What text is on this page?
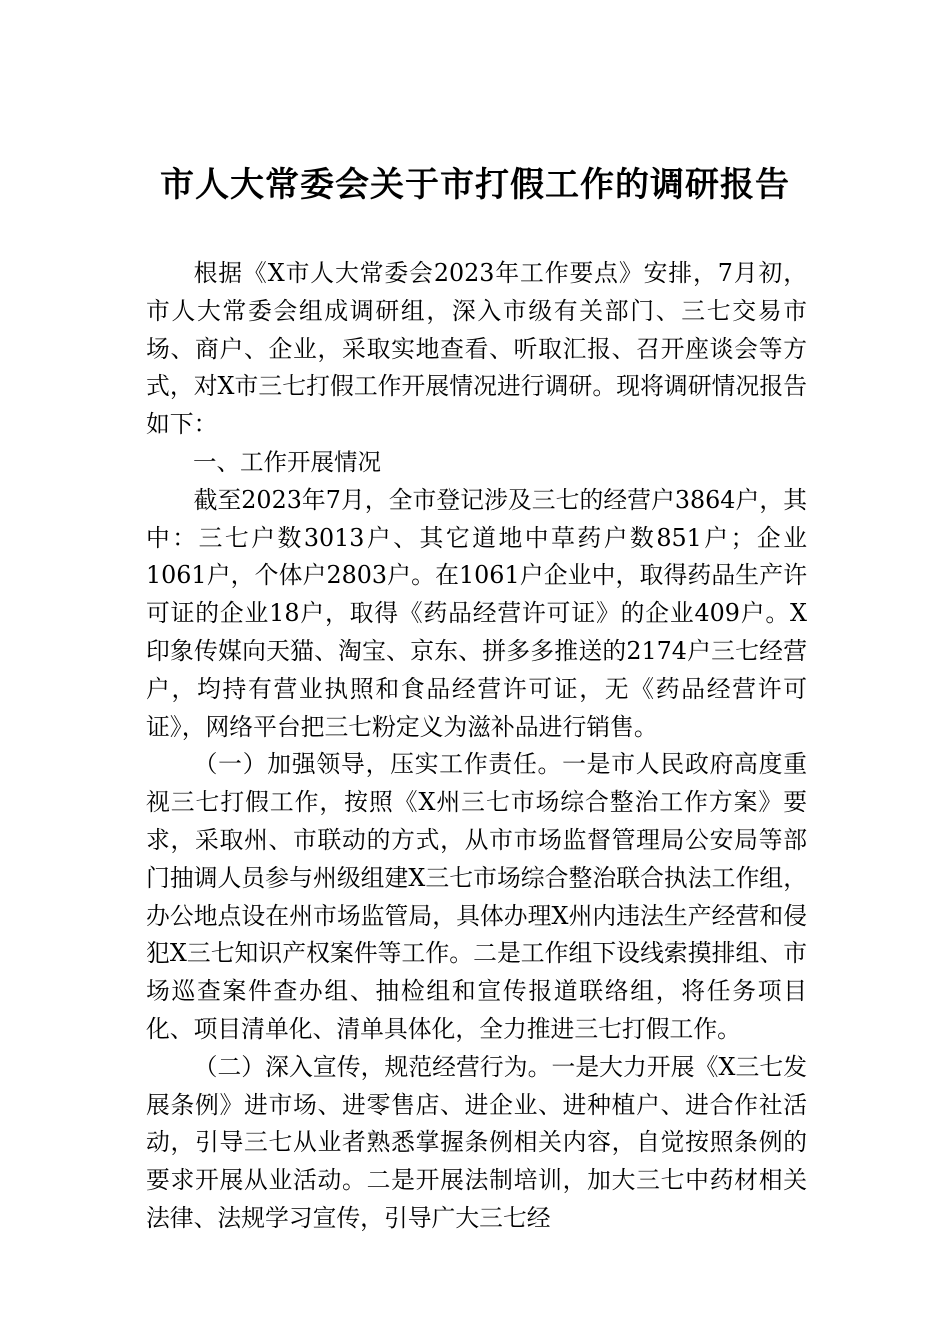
市人大常委会关于市打假工作的调研报告

根据《X市人大常委会2023年工作要点》安排，7月初，市人大常委会组成调研组，深入市级有关部门、三七交易市场、商户、企业，采取实地查看、听取汇报、召开座谈会等方式，对X市三七打假工作开展情况进行调研。现将调研情况报告如下：

一、工作开展情况

截至2023年7月，全市登记涉及三七的经营户3864户，其中：三七户数3013户、其它道地中草药户数851户；企业1061户，个体户2803户。在1061户企业中，取得药品生产许可证的企业18户，取得《药品经营许可证》的企业409户。X印象传媒向天猫、淘宝、京东、拼多多推送的2174户三七经营户，均持有营业执照和食品经营许可证，无《药品经营许可证》，网络平台把三七粉定义为滋补品进行销售。

（一）加强领导，压实工作责任。一是市人民政府高度重视三七打假工作，按照《X州三七市场综合整治工作方案》要求，采取州、市联动的方式，从市市场监督管理局公安局等部门抽调人员参与州级组建X三七市场综合整治联合执法工作组，办公地点设在州市场监管局，具体办理X州内违法生产经营和侵犯X三七知识产权案件等工作。二是工作组下设线索摸排组、市场巡查案件查办组、抽检组和宣传报道联络组，将任务项目化、项目清单化、清单具体化，全力推进三七打假工作。

（二）深入宣传，规范经营行为。一是大力开展《X三七发展条例》进市场、进零售店、进企业、进种植户、进合作社活动，引导三七从业者熟悉掌握条例相关内容，自觉按照条例的要求开展从业活动。二是开展法制培训，加大三七中药材相关法律、法规学习宣传，引导广大三七经
